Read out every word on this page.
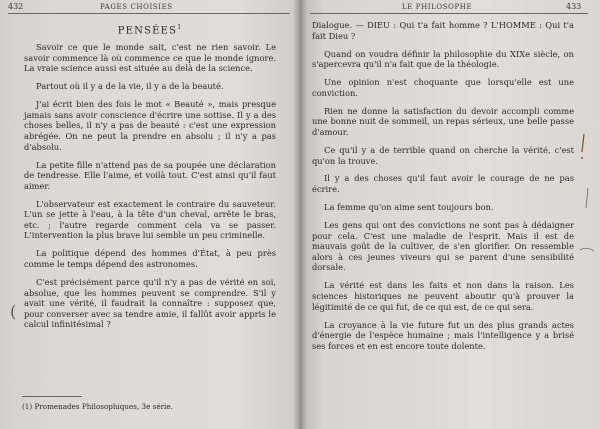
432	PAGES CHOISIES
PENSÉES$^1$

Savoir ce que le monde sait, c'est ne rien savoir. Le savoir commence là où commence ce que le monde ignore. La vraie science aussi est située au delà de la science.

Partout où il y a de la vie, il y a de la beauté.

J'ai écrit bien des fois le mot « Beauté », mais presque jamais sans avoir conscience d'écrire une sottise. Il y a des choses belles, il n'y a pas de beauté : c'est une expression abrégée. On ne peut la prendre en absolu ; il n'y a pas d'absolu.

La petite fille n'attend pas de sa poupée une déclaration de tendresse. Elle l'aime, et voilà tout. C'est ainsi qu'il faut aimer.

L'observateur est exactement le contraire du sauveteur. L'un se jette à l'eau, à la tête d'un cheval, arrête le bras, etc. ; l'autre regarde comment cela va se passer. L'intervention la plus brave lui semble un peu criminelle.

La politique dépend des hommes d'État, à peu près comme le temps dépend des astronomes.

C'est précisément parce qu'il n'y a pas de vérité en soi, absolue, que les hommes peuvent se comprendre. S'il y avait une vérité, il faudrait la connaître : supposez que, pour converser avec sa tendre amie, il fallût avoir appris le calcul infinitésimal ?

(1) Promenades Philosophiques, 3e série.
(
LE PHILOSOPHE	433

Dialogue. — DIEU : Qui t'a fait homme ? L'HOMME : Qui t'a fait Dieu ?

Quand on voudra définir la philosophie du XIXe siècle, on s'apercevra qu'il n'a fait que de la théologie.

Une opinion n'est choquante que lorsqu'elle est une conviction.

Rien ne donne la satisfaction du devoir accompli comme une bonne nuit de sommeil, un repas sérieux, une belle passe d'amour.

Ce qu'il y a de terrible quand on cherche la vérité, c'est qu'on la trouve.

Il y a des choses qu'il faut avoir le courage de ne pas écrire.

La femme qu'on aime sent toujours bon.

Les gens qui ont des convictions ne sont pas à dédaigner pour cela. C'est une maladie de l'esprit. Mais il est de mauvais goût de la cultiver, de s'en glorifier. On ressemble alors à ces jeunes viveurs qui se parent d'une sensibilité dorsale.

La vérité est dans les faits et non dans la raison. Les sciences historiques ne peuvent aboutir qu'à prouver la légitimité de ce qui fut, de ce qui est, de ce qui sera.

La croyance à la vie future fut un des plus grands actes d'énergie de l'espèce humaine ; mais l'intelligence y a brisé ses forces et en est encore toute dolente.
